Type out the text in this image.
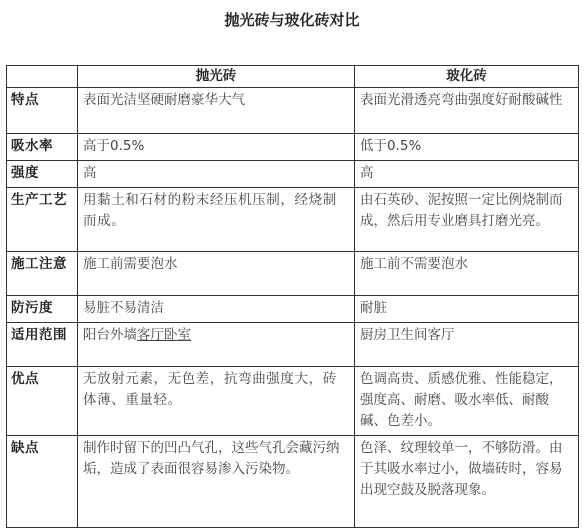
抛光砖与玻化砖对比
	抛光砖	玻化砖
特点	表面光洁坚硬耐磨豪华大气	表面光滑透亮弯曲强度好耐酸碱性
吸水率	高于0.5%	低于0.5%
强度	高	高
生产工艺	用黏土和石材的粉末经压机压制，经烧制而成。	由石英砂、泥按照一定比例烧制而成，然后用专业磨具打磨光亮。
施工注意	施工前需要泡水	施工前不需要泡水
防污度	易脏不易清洁	耐脏
适用范围	阳台外墙客厅卧室	厨房卫生间客厅
优点	无放射元素，无色差，抗弯曲强度大，砖体薄、重量轻。	色调高贵、质感优雅、性能稳定，强度高、耐磨、吸水率低、耐酸碱、色差小。
缺点	制作时留下的凹凸气孔，这些气孔会藏污纳垢，造成了表面很容易渗入污染物。	色泽、纹理较单一，不够防滑。由于其吸水率过小，做墙砖时，容易出现空鼓及脱落现象。
